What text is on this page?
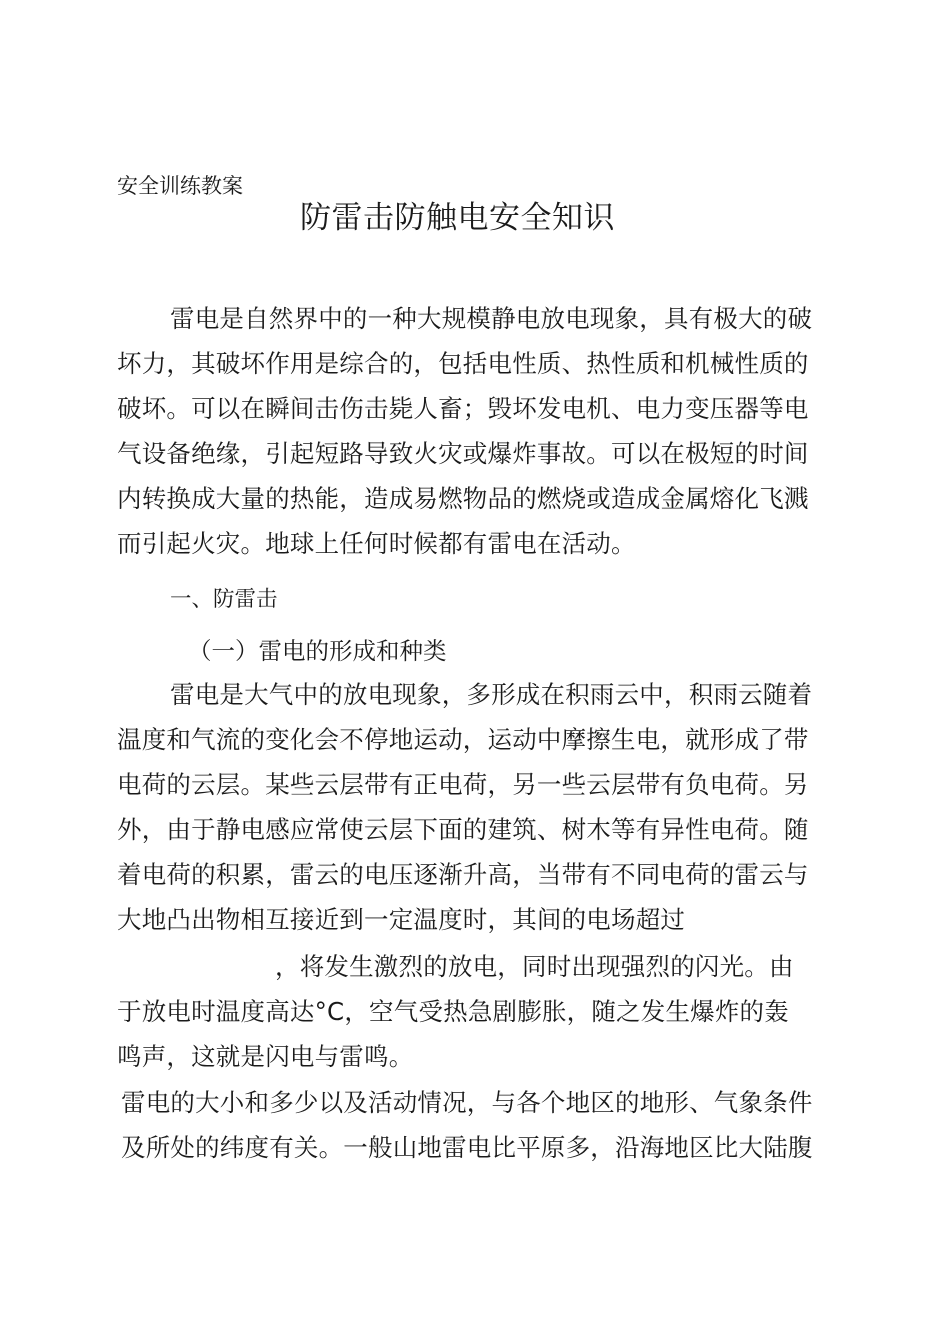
安全训练教案
防雷击防触电安全知识
雷电是自然界中的一种大规模静电放电现象，具有极大的破
坏力，其破坏作用是综合的，包括电性质、热性质和机械性质的
破坏。可以在瞬间击伤击毙人畜；毁坏发电机、电力变压器等电
气设备绝缘，引起短路导致火灾或爆炸事故。可以在极短的时间
内转换成大量的热能，造成易燃物品的燃烧或造成金属熔化飞溅
而引起火灾。地球上任何时候都有雷电在活动。
一、防雷击
（一）雷电的形成和种类
雷电是大气中的放电现象，多形成在积雨云中，积雨云随着
温度和气流的变化会不停地运动，运动中摩擦生电，就形成了带
电荷的云层。某些云层带有正电荷，另一些云层带有负电荷。另
外，由于静电感应常使云层下面的建筑、树木等有异性电荷。随
着电荷的积累，雷云的电压逐渐升高，当带有不同电荷的雷云与
大地凸出物相互接近到一定温度时，其间的电场超过
，将发生激烈的放电，同时出现强烈的闪光。由
于放电时温度高达°C，空气受热急剧膨胀，随之发生爆炸的轰
鸣声，这就是闪电与雷鸣。
雷电的大小和多少以及活动情况，与各个地区的地形、气象条件
及所处的纬度有关。一般山地雷电比平原多，沿海地区比大陆腹
